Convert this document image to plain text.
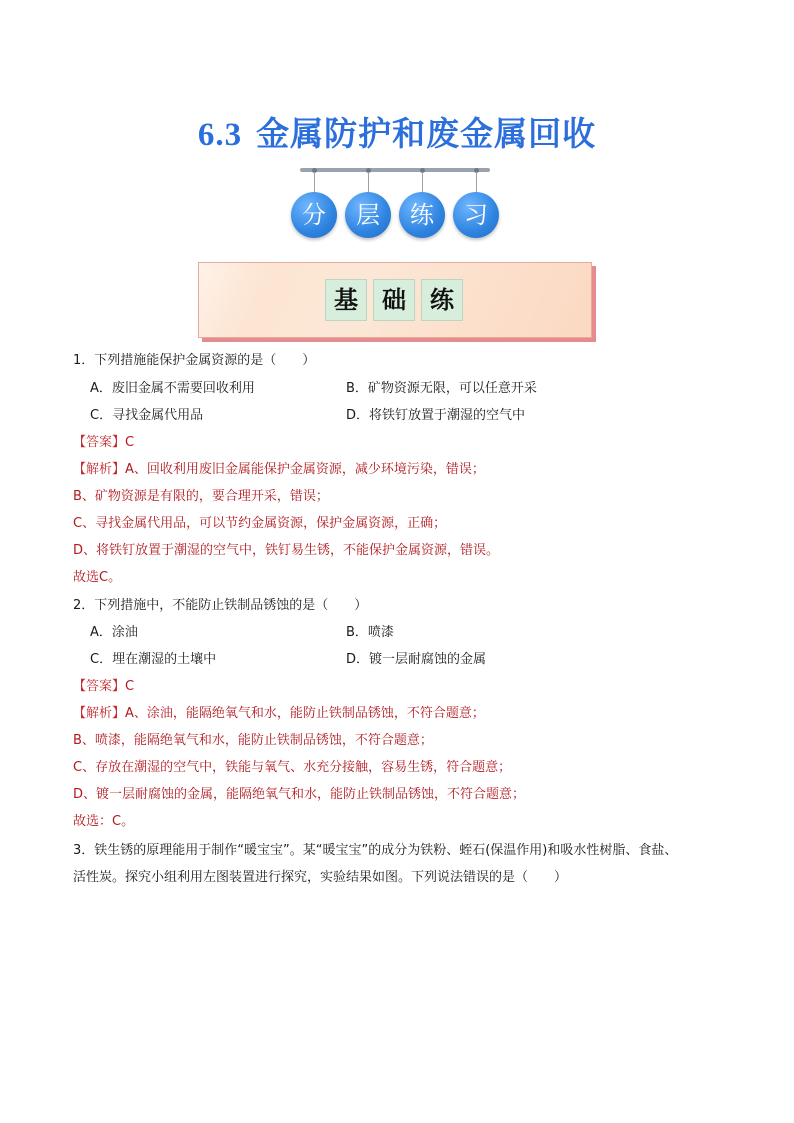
6.3 金属防护和废金属回收
分	层	练	习
基	础	练
1．下列措施能保护金属资源的是（　　）
A．废旧金属不需要回收利用	B．矿物资源无限，可以任意开采
C．寻找金属代用品	D．将铁钉放置于潮湿的空气中
【答案】C
【解析】A、回收利用废旧金属能保护金属资源，减少环境污染，错误；
B、矿物资源是有限的，要合理开采，错误；
C、寻找金属代用品，可以节约金属资源，保护金属资源，正确；
D、将铁钉放置于潮湿的空气中，铁钉易生锈，不能保护金属资源，错误。
故选C。
2．下列措施中，不能防止铁制品锈蚀的是（　　）
A．涂油	B．喷漆
C．埋在潮湿的土壤中	D．镀一层耐腐蚀的金属
【答案】C
【解析】A、涂油，能隔绝氧气和水，能防止铁制品锈蚀，不符合题意；
B、喷漆，能隔绝氧气和水，能防止铁制品锈蚀，不符合题意；
C、存放在潮湿的空气中，铁能与氧气、水充分接触，容易生锈，符合题意；
D、镀一层耐腐蚀的金属，能隔绝氧气和水，能防止铁制品锈蚀，不符合题意；
故选：C。
3．铁生锈的原理能用于制作“暖宝宝”。某“暖宝宝”的成分为铁粉、蛭石(保温作用)和吸水性树脂、食盐、
活性炭。探究小组利用左图装置进行探究，实验结果如图。下列说法错误的是（　　）
